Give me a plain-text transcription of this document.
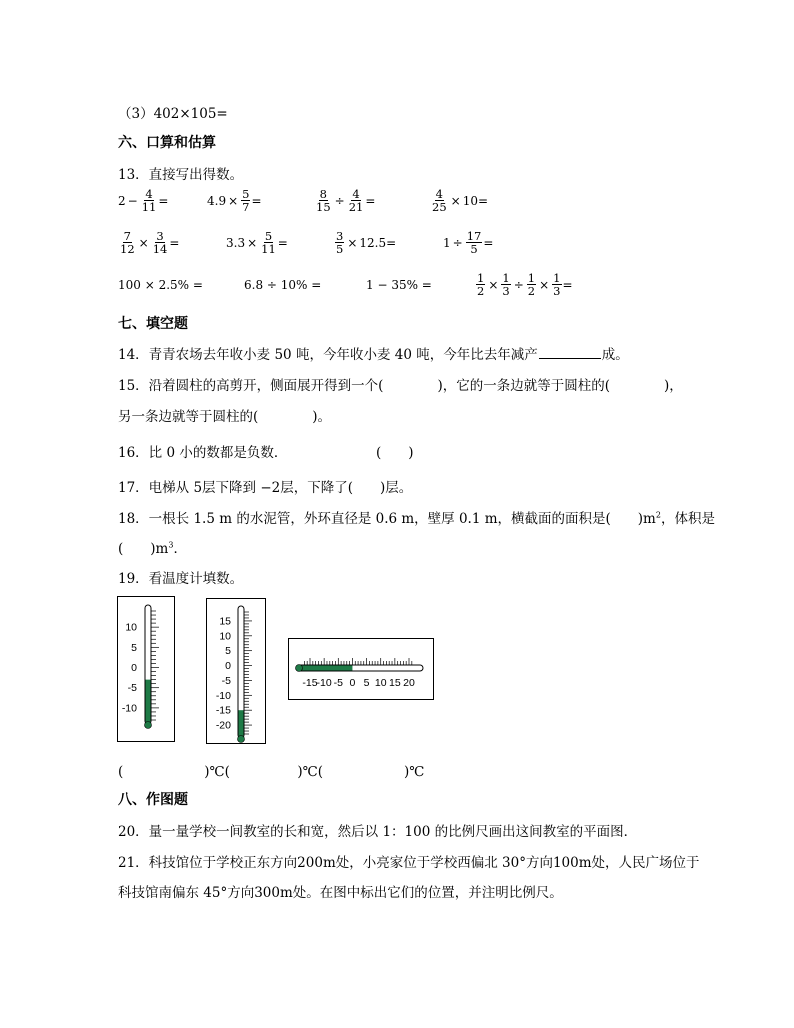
（3）402×105=
六、口算和估算
13．直接写出得数。
$2 - \frac{4}{11}$ =	$4.9 \times \frac{5}{7}$ =	$\frac{8}{15} \div \frac{4}{21}$ =	$\frac{4}{25} \times 10$ =
$\frac{7}{12} \times \frac{3}{14}$ =	$3.3 \times \frac{5}{11}$ =	$\frac{3}{5} \times 12.5$ =	$1 \div \frac{17}{5}$ =
100 × 2.5% =	6.8 ÷ 10% =	1 − 35% =	$\frac{1}{2} \times \frac{1}{3} \div \frac{1}{2} \times \frac{1}{3}$ =
七、填空题
14．青青农场去年收小麦 50 吨，今年收小麦 40 吨，今年比去年减产	成。
15．沿着圆柱的高剪开，侧面展开得到一个(　　　　)，它的一条边就等于圆柱的(　　　　)，
另一条边就等于圆柱的(　　　　)。
16．比 0 小的数都是负数．	(　　)
17．电梯从 5层下降到 −2层，下降了(　　)层。
18．一根长 1.5 m 的水泥管，外环直径是 0.6 m，壁厚 0.1 m，横截面的面积是(　　)$m^2$，体积是
(　　)$m^3$．
19．看温度计填数。
10
5
0
-5
-10
15
10
5
0
-5
-10
-15
-20
-15
-10 -5 0 5 10 15 20
(　　　　　　)℃(　　　　　)℃(　　　　　　)℃
八、作图题
20．量一量学校一间教室的长和宽，然后以 1：100 的比例尺画出这间教室的平面图．
21．科技馆位于学校正东方向200m处，小亮家位于学校西偏北 30°方向100m处，人民广场位于
科技馆南偏东 45°方向300m处。在图中标出它们的位置，并注明比例尺。
